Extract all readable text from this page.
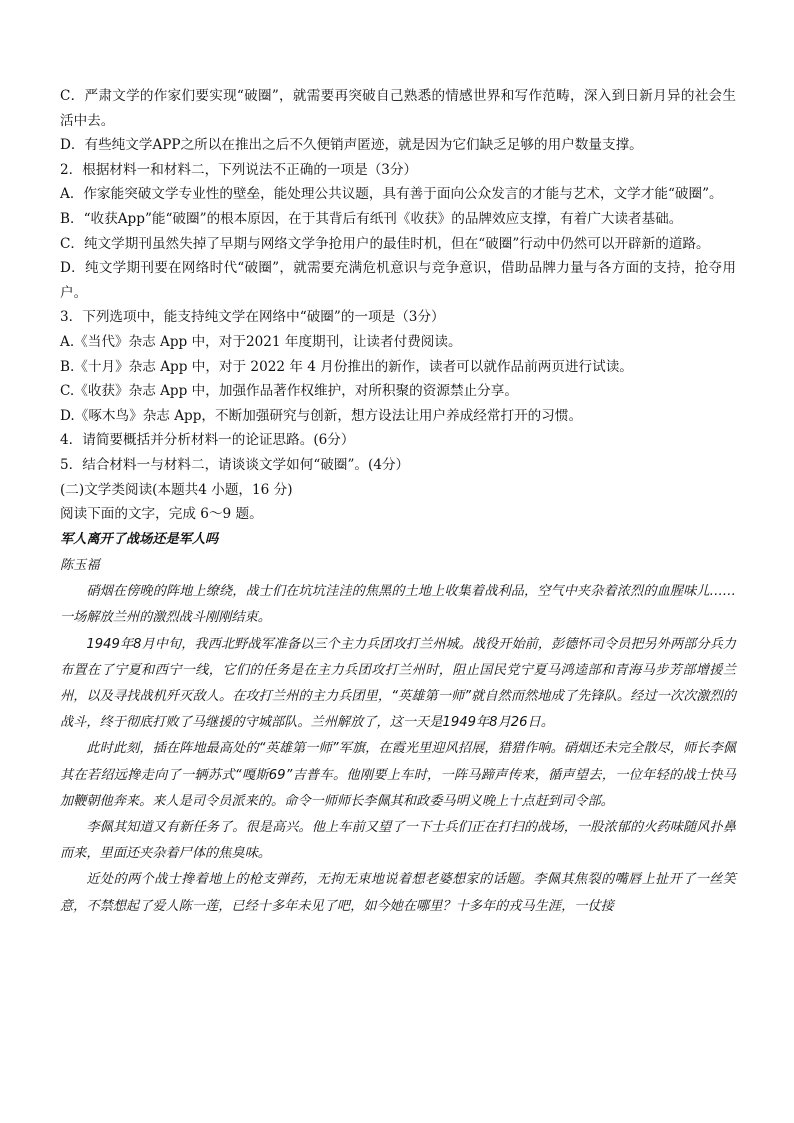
C．严肃文学的作家们要实现“破圈”，就需要再突破自己熟悉的情感世界和写作范畴，深入到日新月异的社会生活中去。

D．有些纯文学APP之所以在推出之后不久便销声匿迹，就是因为它们缺乏足够的用户数量支撑。

2．根据材料一和材料二，下列说法不正确的一项是（3分）

A．作家能突破文学专业性的壁垒，能处理公共议题，具有善于面向公众发言的才能与艺术，文学才能“破圈”。

B．“收获App”能“破圈”的根本原因，在于其背后有纸刊《收获》的品牌效应支撑，有着广大读者基础。

C．纯文学期刊虽然失掉了早期与网络文学争抢用户的最佳时机，但在“破圈”行动中仍然可以开辟新的道路。

D．纯文学期刊要在网络时代“破圈”，就需要充满危机意识与竞争意识，借助品牌力量与各方面的支持，抢夺用户。

3．下列选项中，能支持纯文学在网络中“破圈”的一项是（3分）

A.《当代》杂志 App 中，对于2021 年度期刊，让读者付费阅读。

B.《十月》杂志 App 中，对于 2022 年 4 月份推出的新作，读者可以就作品前两页进行试读。

C.《收获》杂志 App 中，加强作品著作权维护，对所积聚的资源禁止分享。

D.《啄木鸟》杂志 App，不断加强研究与创新，想方设法让用户养成经常打开的习惯。

4．请简要概括并分析材料一的论证思路。(6分）

5．结合材料一与材料二，请谈谈文学如何“破圈”。(4分）

(二)文学类阅读(本题共4 小题，16 分)

阅读下面的文字，完成 6～9 题。

军人离开了战场还是军人吗

陈玉福

硝烟在傍晚的阵地上缭绕，战士们在坑坑洼洼的焦黑的土地上收集着战利品，空气中夹杂着浓烈的血腥味儿……一场解放兰州的激烈战斗刚刚结束。

1949年8月中旬，我西北野战军准备以三个主力兵团攻打兰州城。战役开始前，彭德怀司令员把另外两部分兵力布置在了宁夏和西宁一线，它们的任务是在主力兵团攻打兰州时，阻止国民党宁夏马鸿逵部和青海马步芳部增援兰州，以及寻找战机歼灭敌人。在攻打兰州的主力兵团里，“英雄第一师”就自然而然地成了先锋队。经过一次次激烈的战斗，终于彻底打败了马继援的守城部队。兰州解放了，这一天是1949年8月26日。

此时此刻，插在阵地最高处的“英雄第一师”军旗，在霞光里迎风招展，猎猎作响。硝烟还未完全散尽，师长李佩其在若绍远搀走向了一辆苏式“嘎斯69”吉普车。他刚要上车时，一阵马蹄声传来，循声望去，一位年轻的战士快马加鞭朝他奔来。来人是司令员派来的。命令一师师长李佩其和政委马明义晚上十点赶到司令部。

李佩其知道又有新任务了。很是高兴。他上车前又望了一下士兵们正在打扫的战场，一股浓郁的火药味随风扑鼻而来，里面还夹杂着尸体的焦臭味。

近处的两个战士搀着地上的枪支弹药，无拘无束地说着想老婆想家的话题。李佩其焦裂的嘴唇上扯开了一丝笑意，不禁想起了爱人陈一莲，已经十多年未见了吧，如今她在哪里？十多年的戎马生涯，一仗接
